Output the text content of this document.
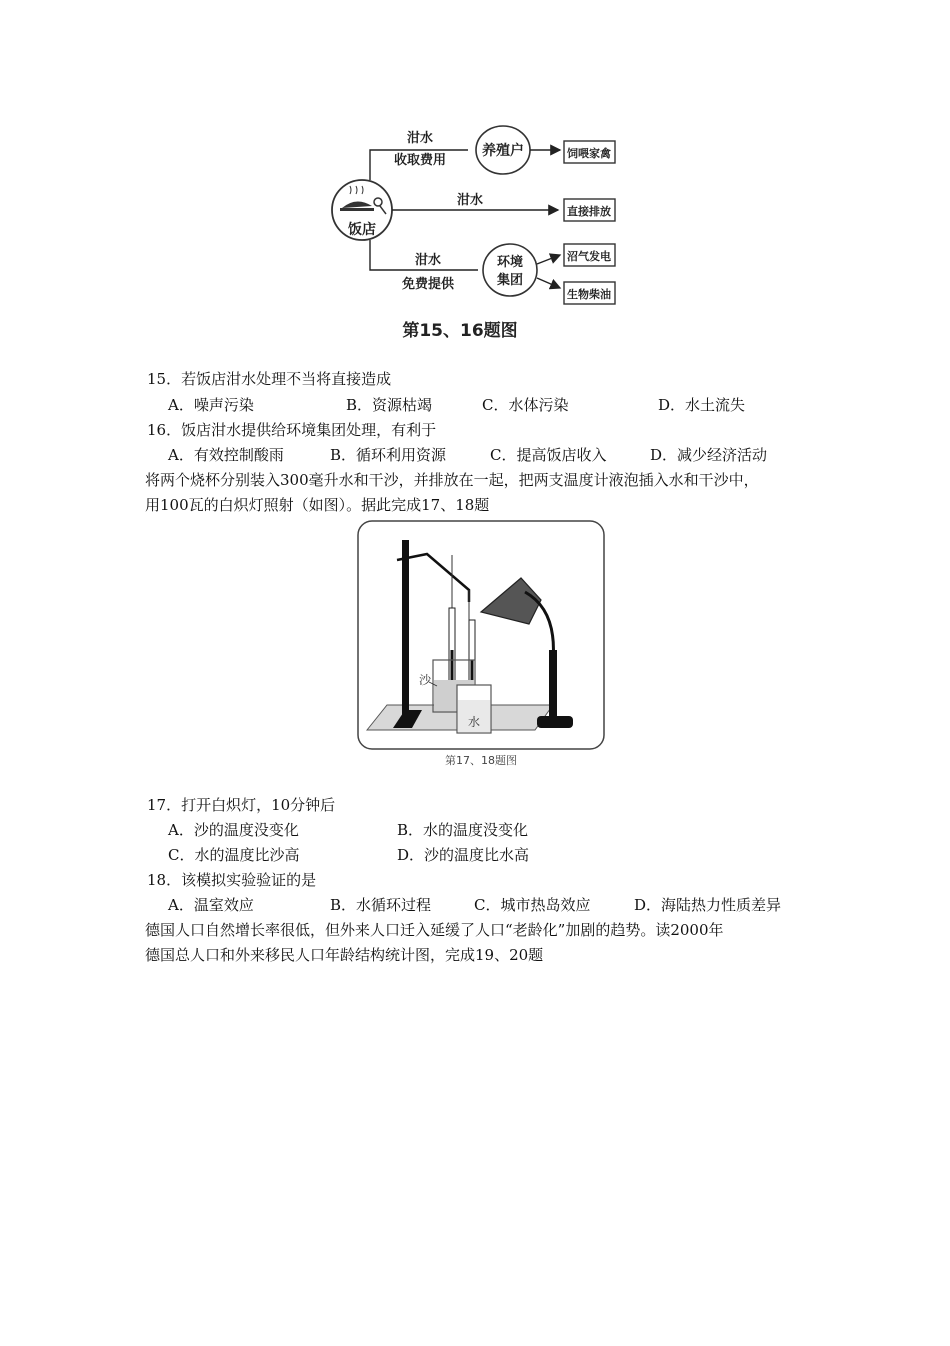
饭店
泔水
收取费用
养殖户	饲喂家禽
泔水
直接排放
泔水
免费提供
环境
集团
沼气发电
生物柴油
第15、16题图
15．若饭店泔水处理不当将直接造成
A．噪声污染	B．资源枯竭	C．水体污染	D．水土流失
16．饭店泔水提供给环境集团处理，有利于
A．有效控制酸雨	B．循环利用资源	C．提高饭店收入	D．减少经济活动
将两个烧杯分别装入300毫升水和干沙，并排放在一起，把两支温度计液泡插入水和干沙中，
用100瓦的白炽灯照射（如图）。据此完成17、18题
沙
水
第17、18题图
17．打开白炽灯，10分钟后
A．沙的温度没变化	B．水的温度没变化
C．水的温度比沙高	D．沙的温度比水高
18．该模拟实验验证的是
A．温室效应	B．水循环过程	C．城市热岛效应	D．海陆热力性质差异
德国人口自然增长率很低，但外来人口迁入延缓了人口“老龄化”加剧的趋势。读2000年
德国总人口和外来移民人口年龄结构统计图，完成19、20题
